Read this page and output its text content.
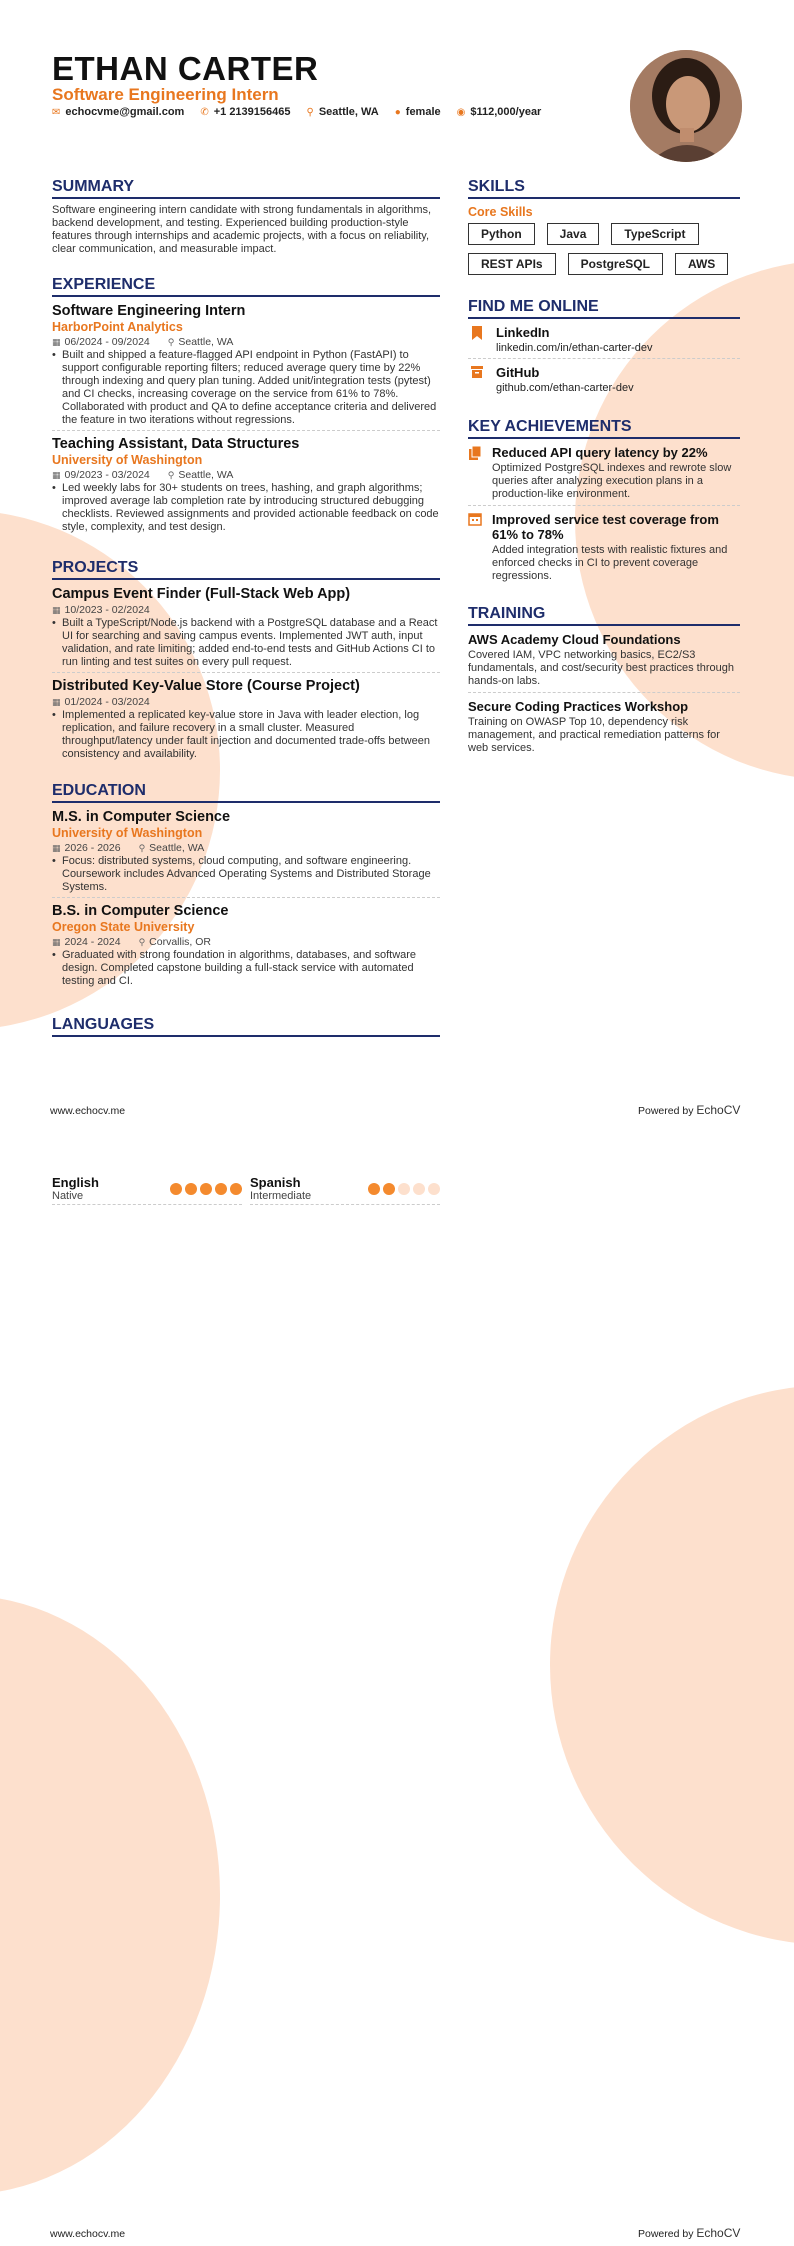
ETHAN CARTER
Software Engineering Intern
✉ echocvme@gmail.com ✆ +1 2139156465 ⚲ Seattle, WA ● female ◉ $112,000/year
SUMMARY
Software engineering intern candidate with strong fundamentals in algorithms, backend development, and testing. Experienced building production-style features through internships and academic projects, with a focus on reliability, clear communication, and measurable impact.
EXPERIENCE
Software Engineering Intern
HarborPoint Analytics
▦ 06/2024 - 09/2024 ⚲ Seattle, WA
• Built and shipped a feature-flagged API endpoint in Python (FastAPI) to support configurable reporting filters; reduced average query time by 22% through indexing and query plan tuning. Added unit/integration tests (pytest) and CI checks, increasing coverage on the service from 61% to 78%. Collaborated with product and QA to define acceptance criteria and delivered the feature in two iterations without regressions.
Teaching Assistant, Data Structures
University of Washington
▦ 09/2023 - 03/2024 ⚲ Seattle, WA
• Led weekly labs for 30+ students on trees, hashing, and graph algorithms; improved average lab completion rate by introducing structured debugging checklists. Reviewed assignments and provided actionable feedback on code style, complexity, and test design.
PROJECTS
Campus Event Finder (Full-Stack Web App)
▦ 10/2023 - 02/2024
• Built a TypeScript/Node.js backend with a PostgreSQL database and a React UI for searching and saving campus events. Implemented JWT auth, input validation, and rate limiting; added end-to-end tests and GitHub Actions CI to run linting and test suites on every pull request.
Distributed Key-Value Store (Course Project)
▦ 01/2024 - 03/2024
• Implemented a replicated key-value store in Java with leader election, log replication, and failure recovery in a small cluster. Measured throughput/latency under fault injection and documented trade-offs between consistency and availability.
EDUCATION
M.S. in Computer Science
University of Washington
▦ 2026 - 2026 ⚲ Seattle, WA
• Focus: distributed systems, cloud computing, and software engineering. Coursework includes Advanced Operating Systems and Distributed Storage Systems.
B.S. in Computer Science
Oregon State University
▦ 2024 - 2024 ⚲ Corvallis, OR
• Graduated with strong foundation in algorithms, databases, and software design. Completed capstone building a full-stack service with automated testing and CI.
LANGUAGES
SKILLS
Core Skills
Python	Java	TypeScript
REST APIs	PostgreSQL	AWS
FIND ME ONLINE
LinkedIn
linkedin.com/in/ethan-carter-dev
GitHub
github.com/ethan-carter-dev
KEY ACHIEVEMENTS
Reduced API query latency by 22%
Optimized PostgreSQL indexes and rewrote slow queries after analyzing execution plans in a production-like environment.
Improved service test coverage from 61% to 78%
Added integration tests with realistic fixtures and enforced checks in CI to prevent coverage regressions.
TRAINING
AWS Academy Cloud Foundations
Covered IAM, VPC networking basics, EC2/S3 fundamentals, and cost/security best practices through hands-on labs.
Secure Coding Practices Workshop
Training on OWASP Top 10, dependency risk management, and practical remediation patterns for web services.
www.echocv.me	Powered by EchoCV
English
Native
Spanish
Intermediate
www.echocv.me	Powered by EchoCV
